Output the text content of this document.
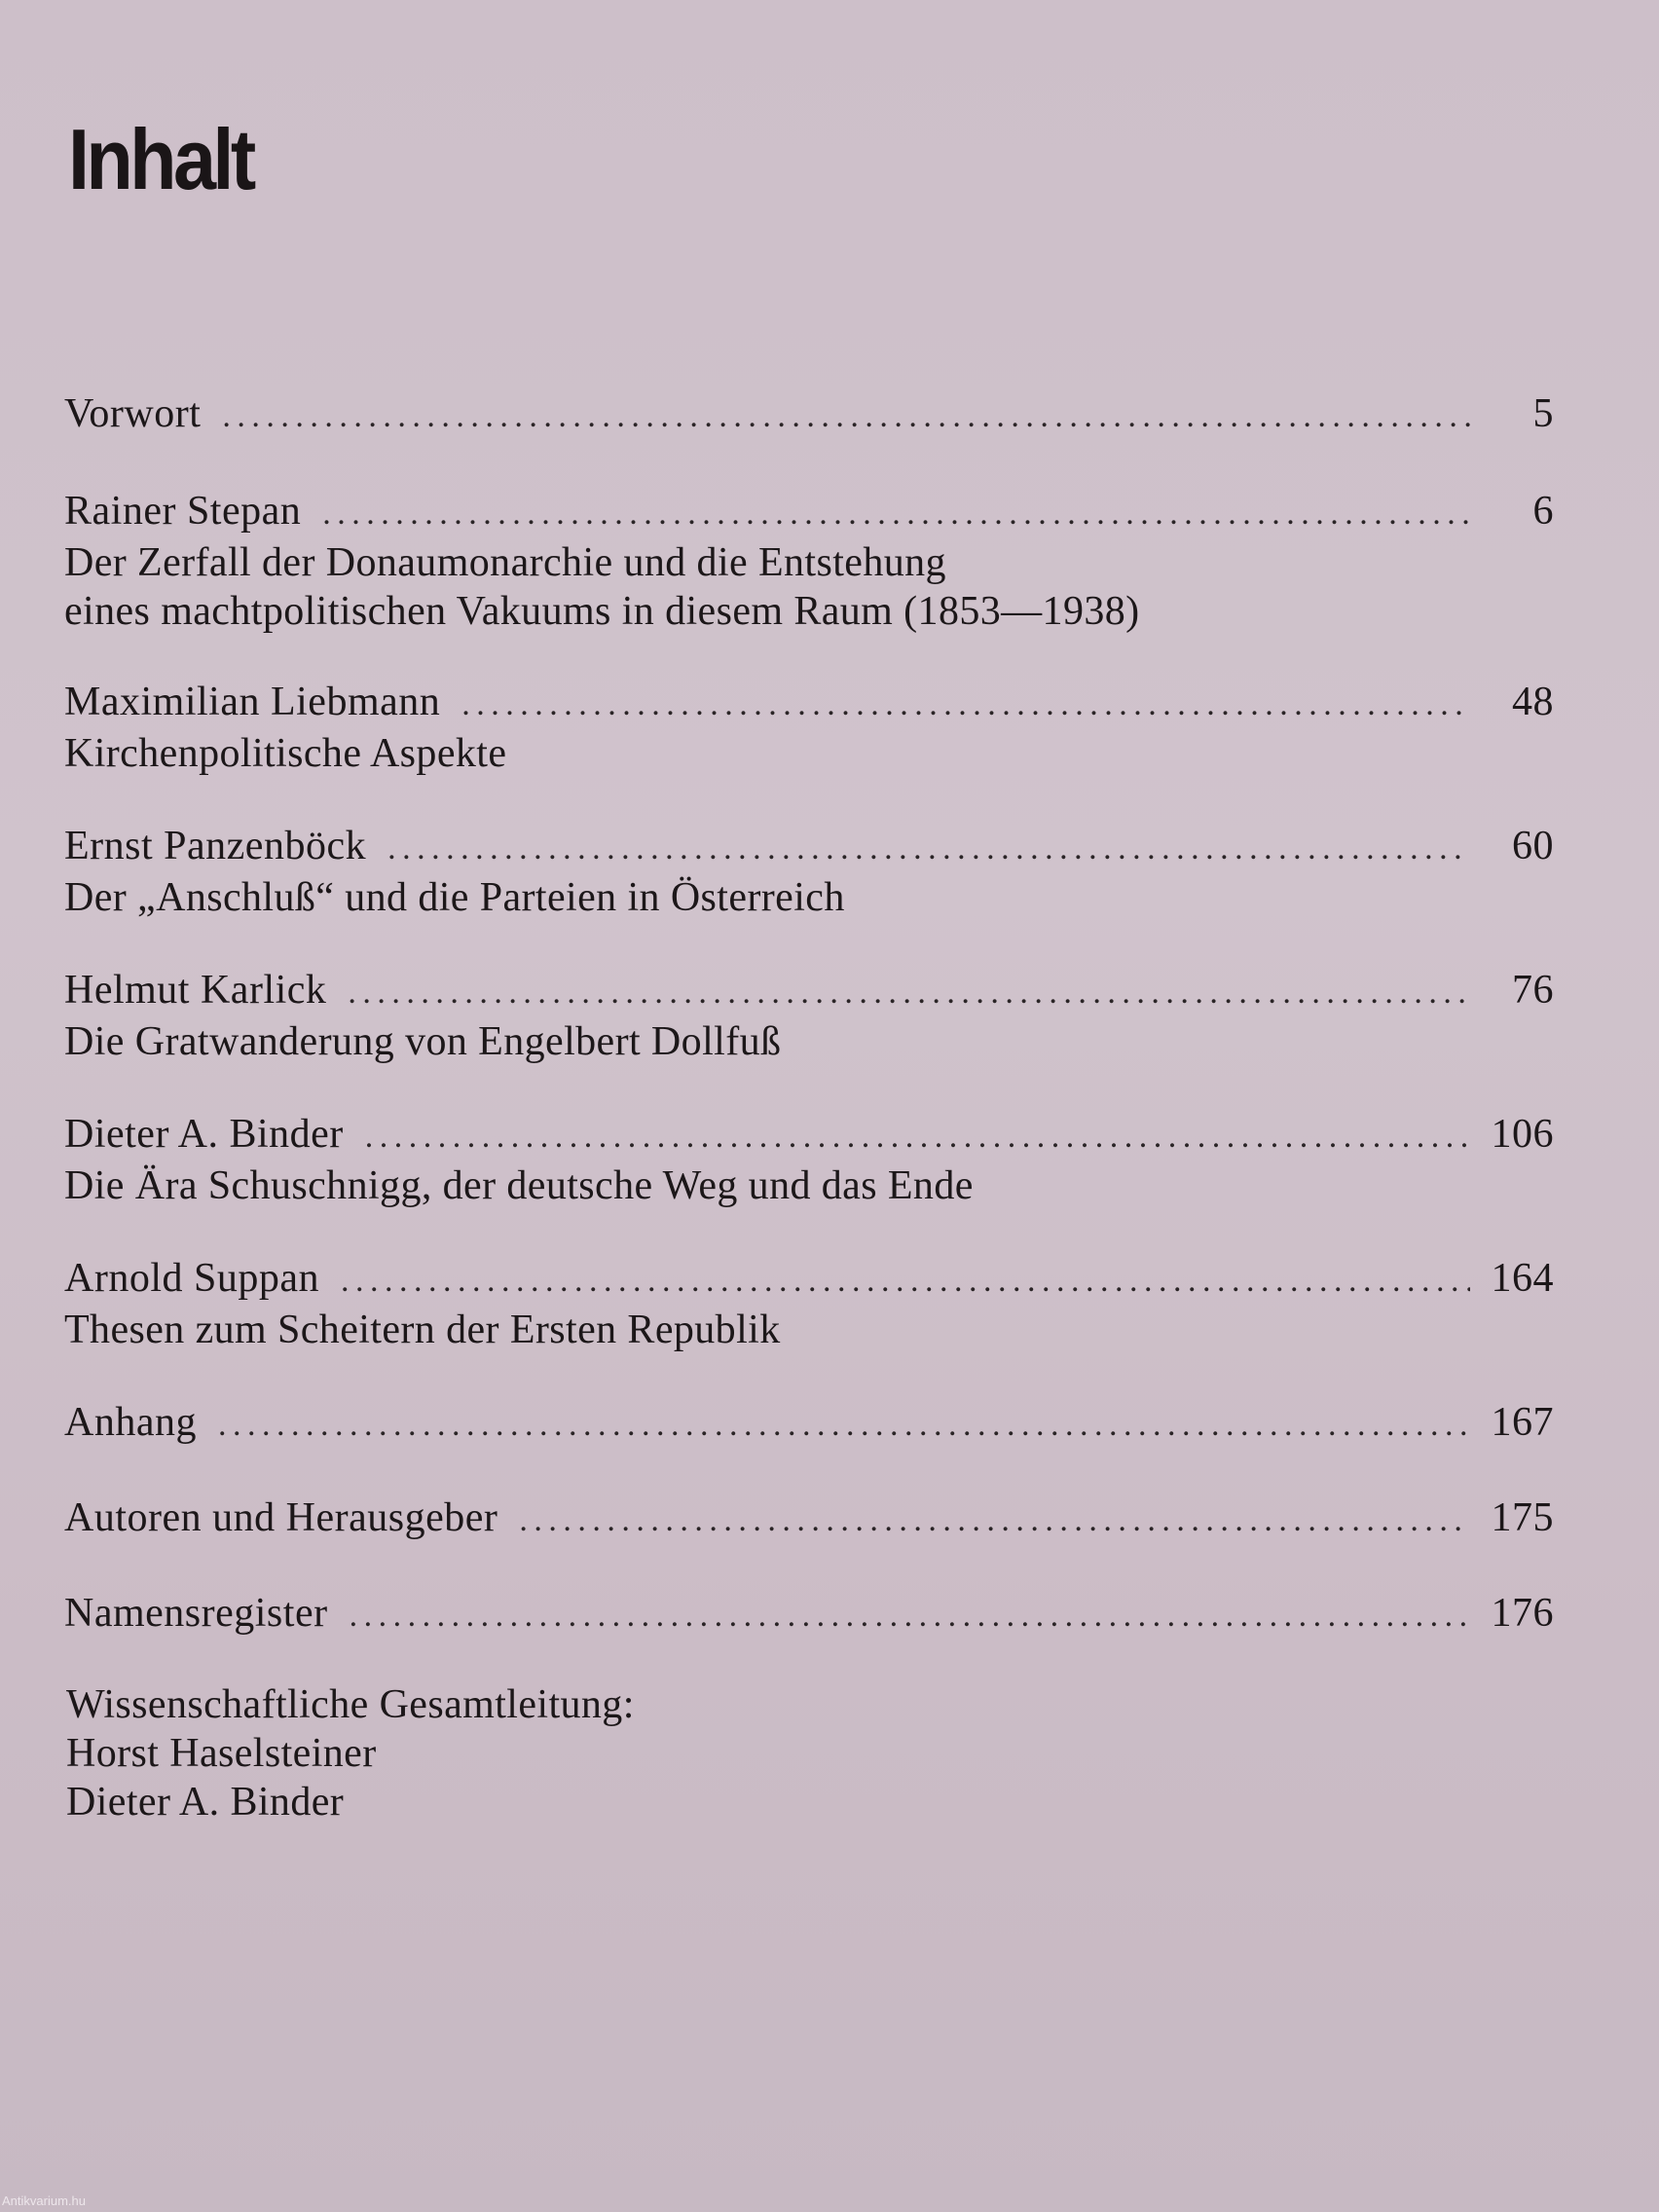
Inhalt
Vorwort . . .	5
Rainer Stepan . . .	6
Der Zerfall der Donaumonarchie und die Entstehung
eines machtpolitischen Vakuums in diesem Raum (1853—1938)
Maximilian Liebmann . . .	48
Kirchenpolitische Aspekte
Ernst Panzenböck . . .	60
Der „Anschluß“ und die Parteien in Österreich
Helmut Karlick . . .	76
Die Gratwanderung von Engelbert Dollfuß
Dieter A. Binder . . .	106
Die Ära Schuschnigg, der deutsche Weg und das Ende
Arnold Suppan . . .	164
Thesen zum Scheitern der Ersten Republik
Anhang . . .	167
Autoren und Herausgeber . . .	175
Namensregister . . .	176
Wissenschaftliche Gesamtleitung:
Horst Haselsteiner
Dieter A. Binder
Antikvarium.hu
